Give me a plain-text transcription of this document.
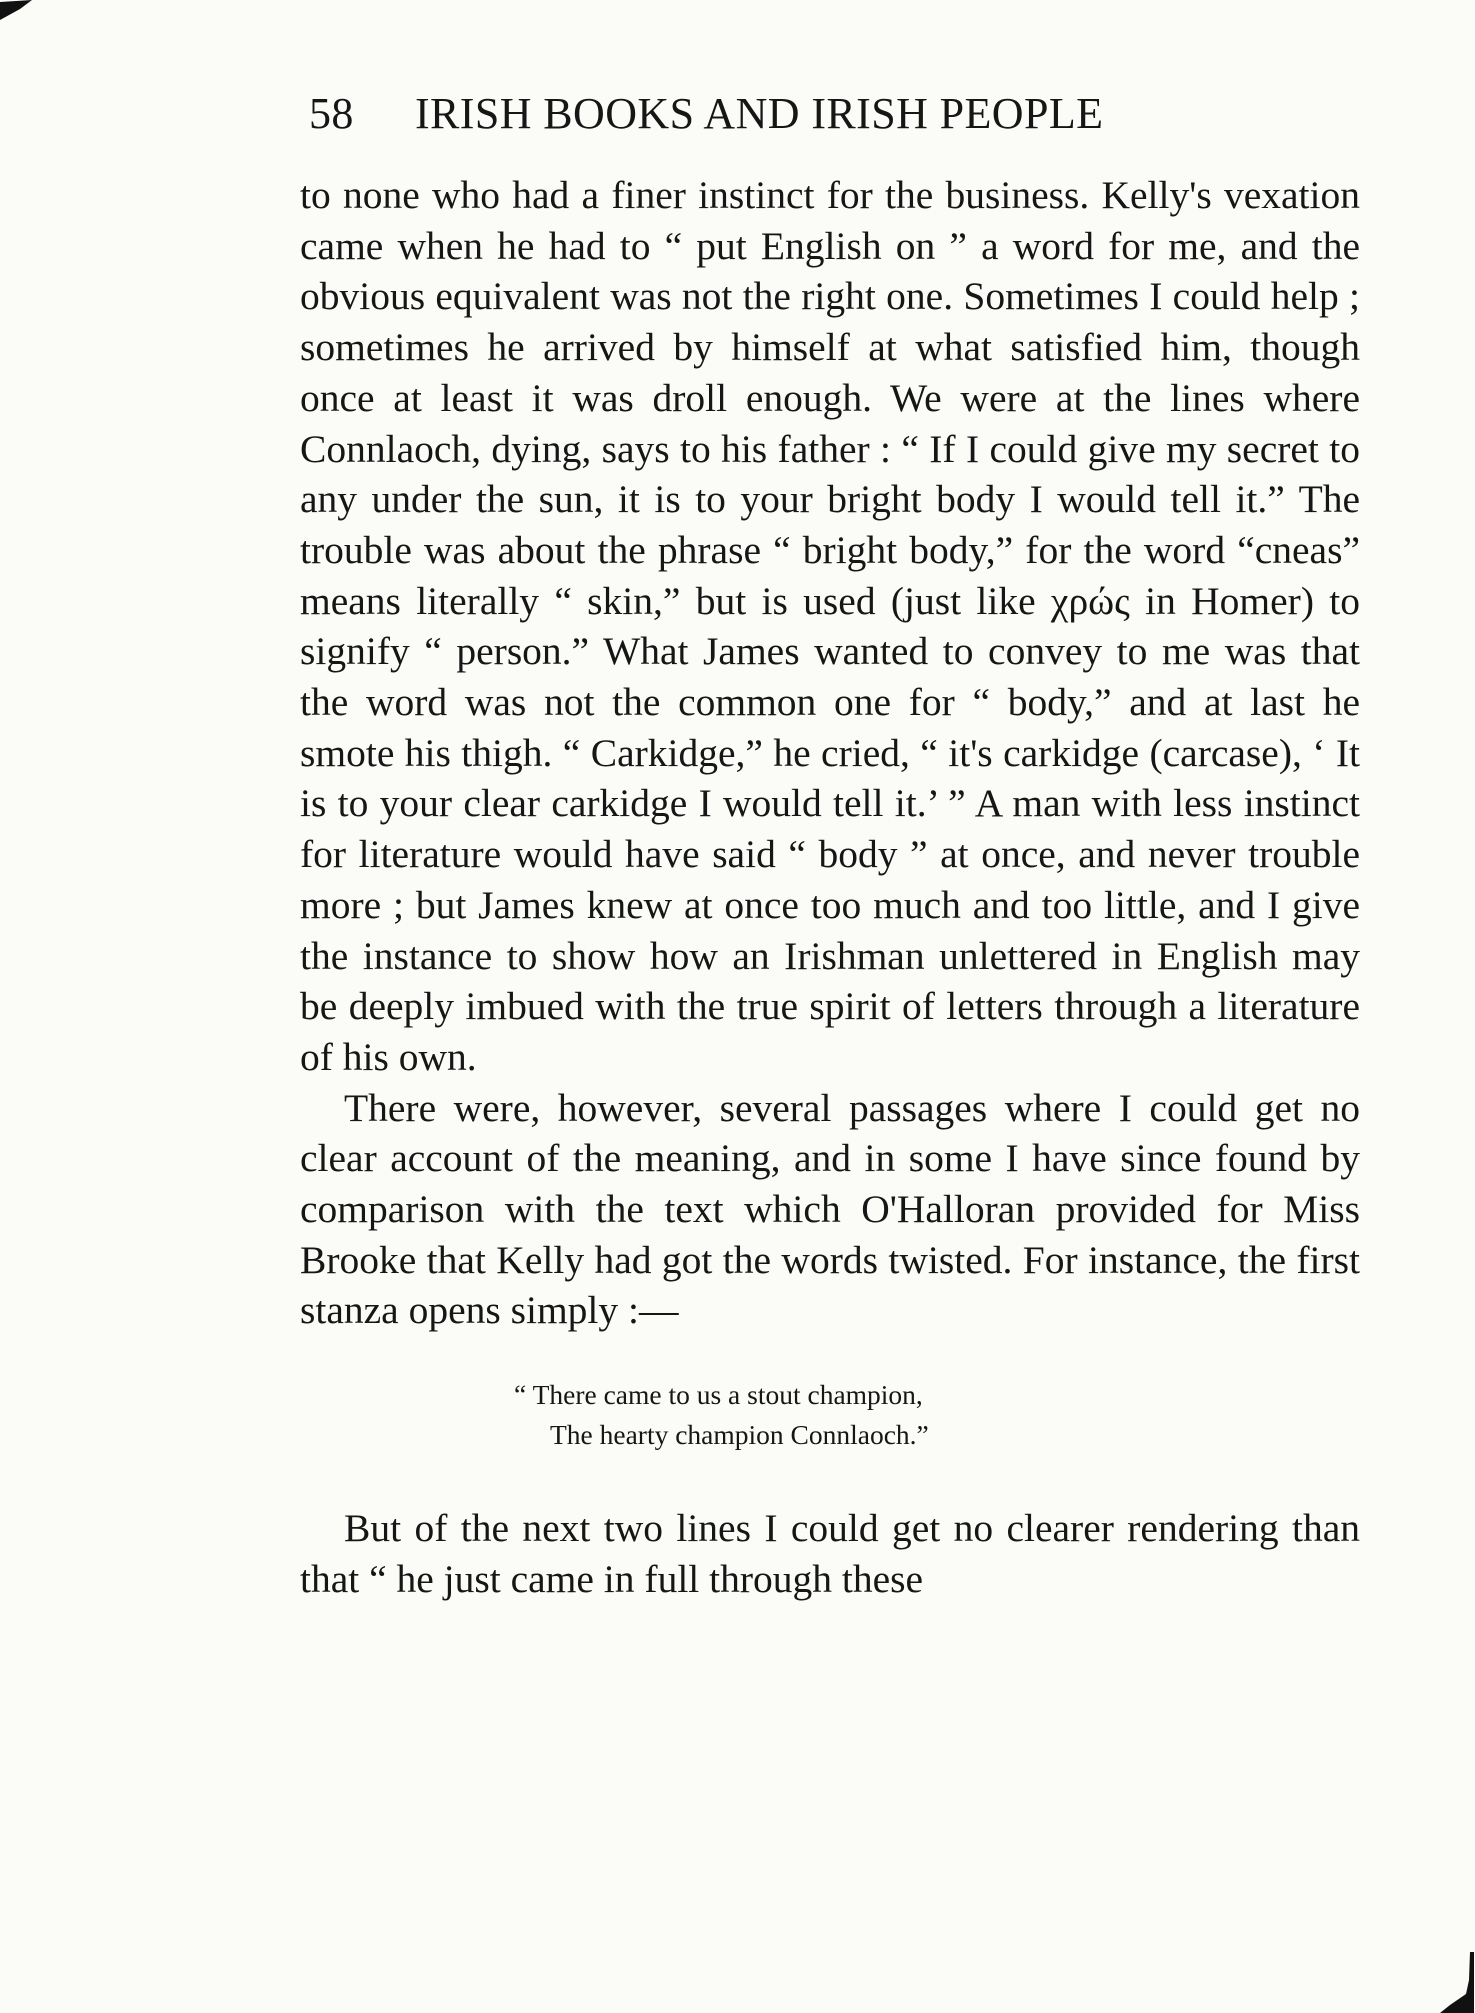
58 IRISH BOOKS AND IRISH PEOPLE

to none who had a finer instinct for the business. Kelly's vexation came when he had to “ put English on ” a word for me, and the obvious equivalent was not the right one. Sometimes I could help ; sometimes he arrived by himself at what satisfied him, though once at least it was droll enough. We were at the lines where Connlaoch, dying, says to his father : “ If I could give my secret to any under the sun, it is to your bright body I would tell it.” The trouble was about the phrase “ bright body,” for the word “cneas” means literally “ skin,” but is used (just like χρώς in Homer) to signify “ person.” What James wanted to convey to me was that the word was not the common one for “ body,” and at last he smote his thigh. “ Carkidge,” he cried, “ it's carkidge (carcase), ‘ It is to your clear carkidge I would tell it.’ ” A man with less instinct for literature would have said “ body ” at once, and never trouble more ; but James knew at once too much and too little, and I give the instance to show how an Irishman unlettered in English may be deeply imbued with the true spirit of letters through a literature of his own.

There were, however, several passages where I could get no clear account of the meaning, and in some I have since found by comparison with the text which O'Halloran provided for Miss Brooke that Kelly had got the words twisted. For instance, the first stanza opens simply :—

“ There came to us a stout champion,
The hearty champion Connlaoch.”

But of the next two lines I could get no clearer rendering than that “ he just came in full through these
